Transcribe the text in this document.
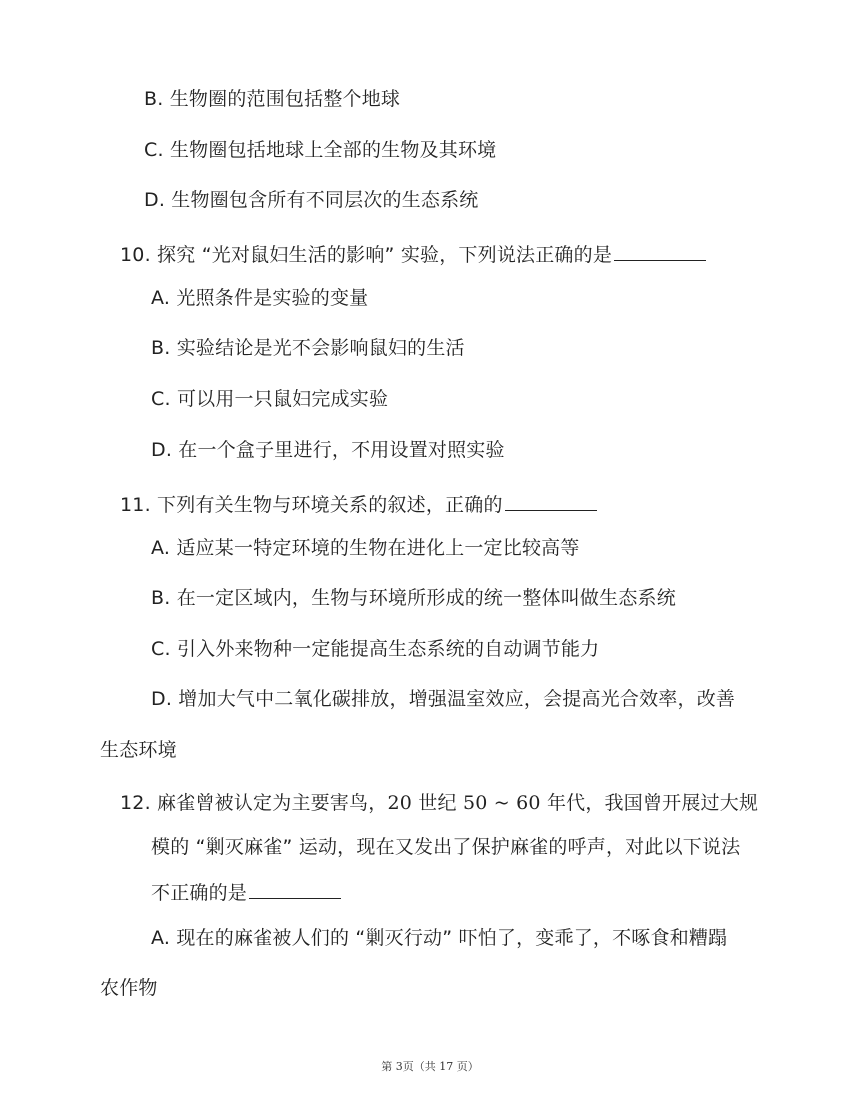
B. 生物圈的范围包括整个地球
C. 生物圈包括地球上全部的生物及其环境
D. 生物圈包含所有不同层次的生态系统
10. 探究 “光对鼠妇生活的影响” 实验，下列说法正确的是
A. 光照条件是实验的变量
B. 实验结论是光不会影响鼠妇的生活
C. 可以用一只鼠妇完成实验
D. 在一个盒子里进行，不用设置对照实验
11. 下列有关生物与环境关系的叙述，正确的
A. 适应某一特定环境的生物在进化上一定比较高等
B. 在一定区域内，生物与环境所形成的统一整体叫做生态系统
C. 引入外来物种一定能提高生态系统的自动调节能力
D. 增加大气中二氧化碳排放，增强温室效应，会提高光合效率，改善
生态环境
12. 麻雀曾被认定为主要害鸟，20 世纪 50 ~ 60 年代，我国曾开展过大规
模的 “剿灭麻雀” 运动，现在又发出了保护麻雀的呼声，对此以下说法
不正确的是
A. 现在的麻雀被人们的 “剿灭行动” 吓怕了，变乖了，不啄食和糟蹋
农作物
第 3页（共 17 页）
